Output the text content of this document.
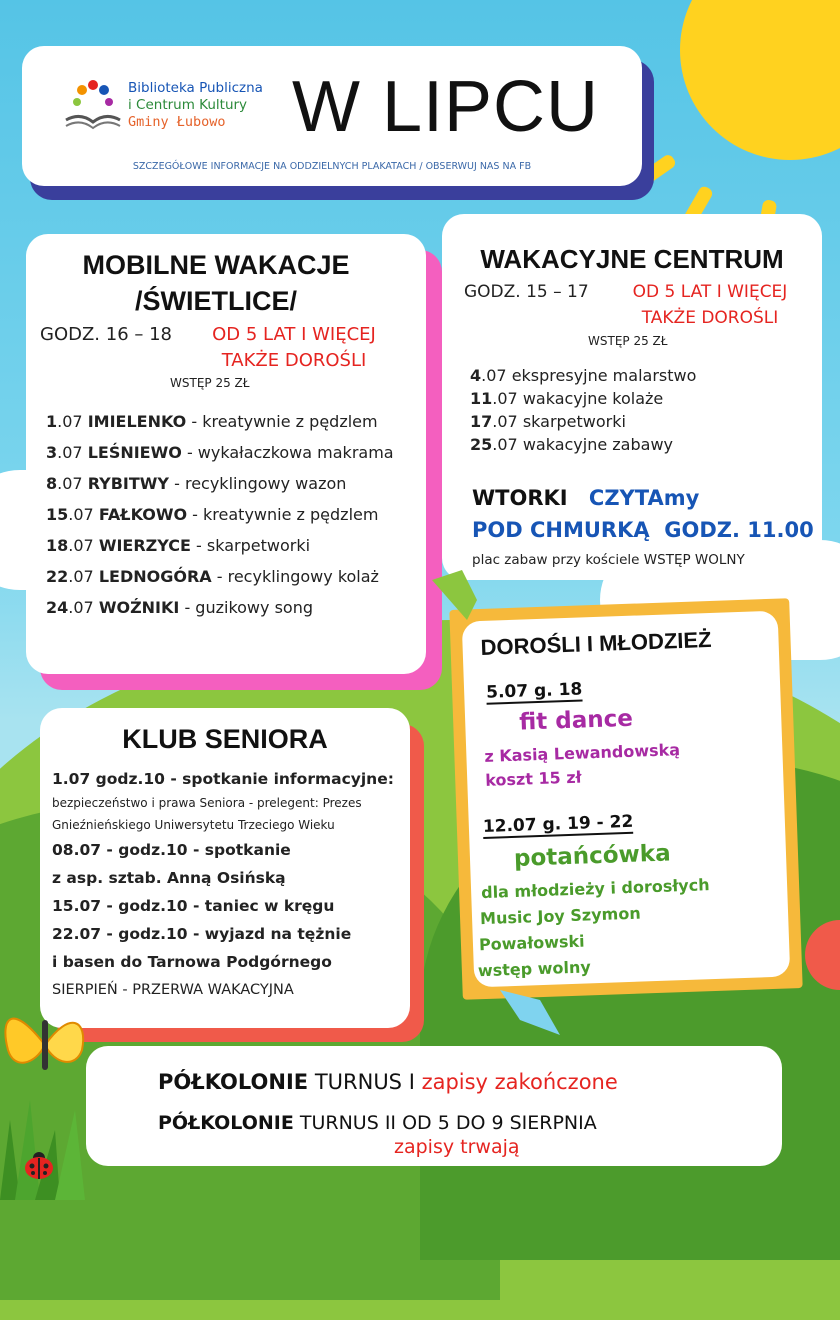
Biblioteka Publiczna
i Centrum Kultury
Gminy Łubowo W LIPCU
SZCZEGÓŁOWE INFORMACJE NA ODDZIELNYCH PLAKATACH / OBSERWUJ NAS NA FB
MOBILNE WAKACJE
/ŚWIETLICE/
GODZ. 16 – 18	OD 5 LAT I WIĘCEJ
TAKŻE DOROŚLI
WSTĘP 25 ZŁ

1.07 IMIELENKO - kreatywnie z pędzlem

3.07 LEŚNIEWO - wykałaczkowa makrama

8.07 RYBITWY - recyklingowy wazon

15.07 FAŁKOWO - kreatywnie z pędzlem

18.07 WIERZYCE - skarpetworki

22.07 LEDNOGÓRA - recyklingowy kolaż

24.07 WOŹNIKI - guzikowy song

WAKACYJNE CENTRUM
GODZ. 15 – 17	OD 5 LAT I WIĘCEJ
TAKŻE DOROŚLI
WSTĘP 25 ZŁ

4.07 ekspresyjne malarstwo

11.07 wakacyjne kolaże

17.07 skarpetworki

25.07 wakacyjne zabawy

WTORKI CZYTAmy
POD CHMURKĄ  GODZ. 11.00
plac zabaw przy kościele WSTĘP WOLNY
KLUB SENIORA
1.07 godz.10 - spotkanie informacyjne:
bezpieczeństwo i prawa Seniora - prelegent: Prezes
Gnieźnieńskiego Uniwersytetu Trzeciego Wieku
08.07 - godz.10 - spotkanie
z asp. sztab. Anną Osińską
15.07 - godz.10 - taniec w kręgu
22.07 - godz.10 - wyjazd na tężnie
i basen do Tarnowa Podgórnego
SIERPIEŃ - PRZERWA WAKACYJNA
PÓŁKOLONIE TURNUS I zapisy zakończone
PÓŁKOLONIE TURNUS II OD 5 DO 9 SIERPNIA
zapisy trwają
DOROŚLI I MŁODZIEŻ
5.07 g. 18
fit dance
z Kasią Lewandowską
koszt 15 zł
12.07 g. 19 - 22
potańcówka
dla młodzieży i dorosłych
Music Joy Szymon
Powałowski
wstęp wolny
